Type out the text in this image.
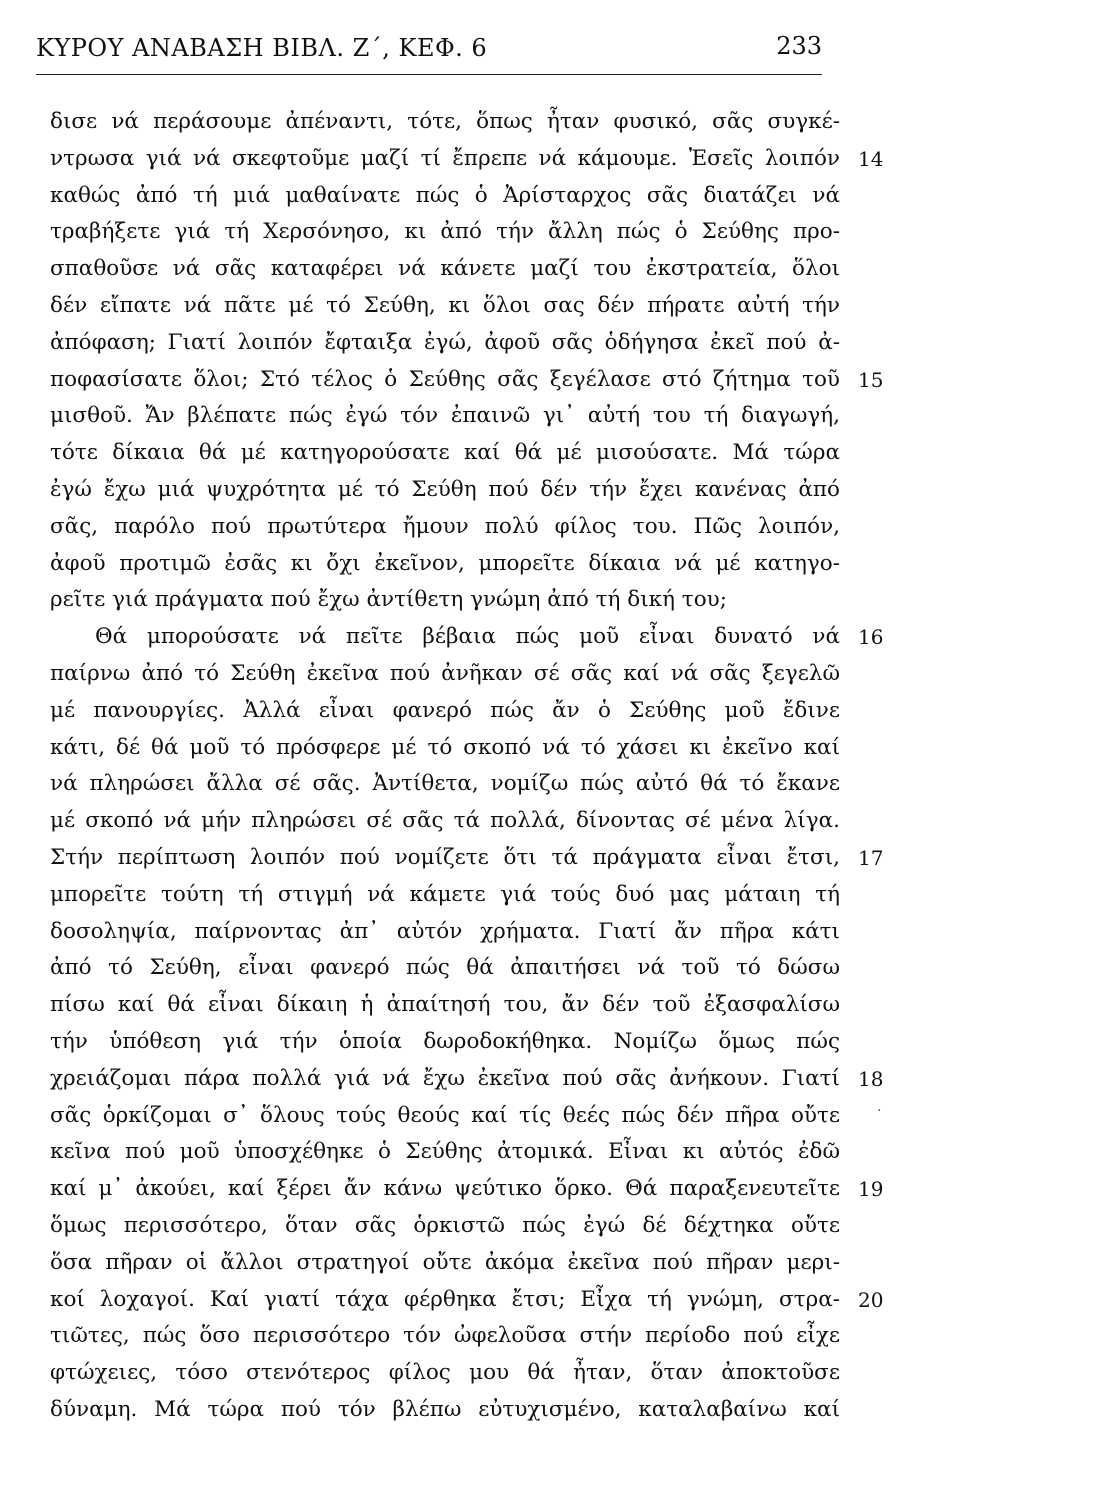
ΚΥΡΟΥ ΑΝΑΒΑΣΗ ΒΙΒΛ. Ζ΄, ΚΕΦ. 6	233
δισε νά περάσουμε ἀπέναντι, τότε, ὅπως ἦταν φυσικό, σᾶς συγκέ-
ντρωσα γιά νά σκεφτοῦμε μαζί τί ἔπρεπε νά κάμουμε. Ἐσεῖς λοιπόν 14
καθώς ἀπό τή μιά μαθαίνατε πώς ὁ Ἀρίσταρχος σᾶς διατάζει νά
τραβήξετε γιά τή Χερσόνησο, κι ἀπό τήν ἄλλη πώς ὁ Σεύθης προ-
σπαθοῦσε νά σᾶς καταφέρει νά κάνετε μαζί του ἐκστρατεία, ὅλοι
δέν εἴπατε νά πᾶτε μέ τό Σεύθη, κι ὅλοι σας δέν πήρατε αὐτή τήν
ἀπόφαση; Γιατί λοιπόν ἔφταιξα ἐγώ, ἀφοῦ σᾶς ὁδήγησα ἐκεῖ πού ἀ-
ποφασίσατε ὅλοι; Στό τέλος ὁ Σεύθης σᾶς ξεγέλασε στό ζήτημα τοῦ 15
μισθοῦ. Ἄν βλέπατε πώς ἐγώ τόν ἐπαινῶ γι᾽ αὐτή του τή διαγωγή,
τότε δίκαια θά μέ κατηγορούσατε καί θά μέ μισούσατε. Μά τώρα
ἐγώ ἔχω μιά ψυχρότητα μέ τό Σεύθη πού δέν τήν ἔχει κανένας ἀπό
σᾶς, παρόλο πού πρωτύτερα ἤμουν πολύ φίλος του. Πῶς λοιπόν,
ἀφοῦ προτιμῶ ἐσᾶς κι ὄχι ἐκεῖνον, μπορεῖτε δίκαια νά μέ κατηγο-
ρεῖτε γιά πράγματα πού ἔχω ἀντίθετη γνώμη ἀπό τή δική του;
Θά μπορούσατε νά πεῖτε βέβαια πώς μοῦ εἶναι δυνατό νά 16
παίρνω ἀπό τό Σεύθη ἐκεῖνα πού ἀνῆκαν σέ σᾶς καί νά σᾶς ξεγελῶ
μέ πανουργίες. Ἀλλά εἶναι φανερό πώς ἄν ὁ Σεύθης μοῦ ἔδινε
κάτι, δέ θά μοῦ τό πρόσφερε μέ τό σκοπό νά τό χάσει κι ἐκεῖνο καί
νά πληρώσει ἄλλα σέ σᾶς. Ἀντίθετα, νομίζω πώς αὐτό θά τό ἔκανε
μέ σκοπό νά μήν πληρώσει σέ σᾶς τά πολλά, δίνοντας σέ μένα λίγα.
Στήν περίπτωση λοιπόν πού νομίζετε ὅτι τά πράγματα εἶναι ἔτσι, 17
μπορεῖτε τούτη τή στιγμή νά κάμετε γιά τούς δυό μας μάταιη τή
δοσοληψία, παίρνοντας ἀπ᾽ αὐτόν χρήματα. Γιατί ἄν πῆρα κάτι
ἀπό τό Σεύθη, εἶναι φανερό πώς θά ἀπαιτήσει νά τοῦ τό δώσω
πίσω καί θά εἶναι δίκαιη ἡ ἀπαίτησή του, ἄν δέν τοῦ ἐξασφαλίσω
τήν ὑπόθεση γιά τήν ὁποία δωροδοκήθηκα. Νομίζω ὅμως πώς
χρειάζομαι πάρα πολλά γιά νά ἔχω ἐκεῖνα πού σᾶς ἀνήκουν. Γιατί 18
σᾶς ὁρκίζομαι σ᾽ ὅλους τούς θεούς καί τίς θεές πώς δέν πῆρα οὔτε	·
κεῖνα πού μοῦ ὑποσχέθηκε ὁ Σεύθης ἀτομικά. Εἶναι κι αὐτός ἐδῶ
καί μ᾽ ἀκούει, καί ξέρει ἄν κάνω ψεύτικο ὅρκο. Θά παραξενευτεῖτε 19
ὅμως περισσότερο, ὅταν σᾶς ὁρκιστῶ πώς ἐγώ δέ δέχτηκα οὔτε
ὅσα πῆραν οἱ ἄλλοι στρατηγοί οὔτε ἀκόμα ἐκεῖνα πού πῆραν μερι-
κοί λοχαγοί. Καί γιατί τάχα φέρθηκα ἔτσι; Εἶχα τή γνώμη, στρα- 20
τιῶτες, πώς ὅσο περισσότερο τόν ὠφελοῦσα στήν περίοδο πού εἶχε
φτώχειες, τόσο στενότερος φίλος μου θά ἦταν, ὅταν ἀποκτοῦσε
δύναμη. Μά τώρα πού τόν βλέπω εὐτυχισμένο, καταλαβαίνω καί
